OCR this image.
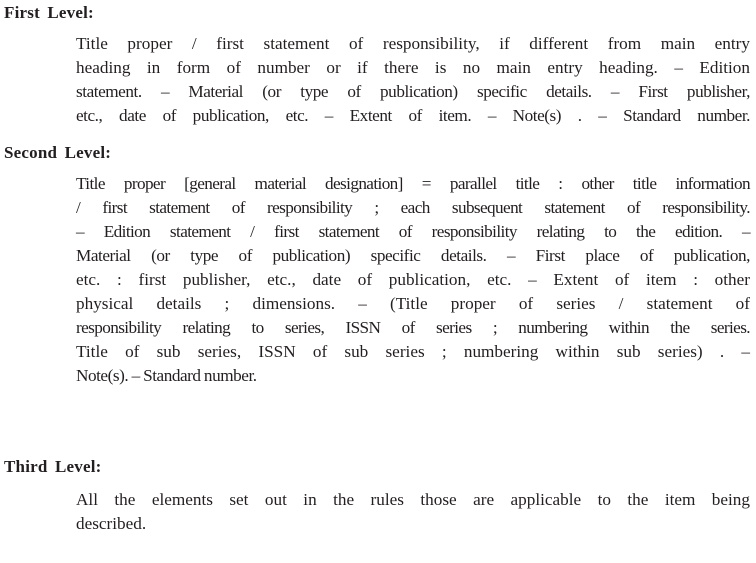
First Level:
Title proper / first statement of responsibility, if different from main entry
heading in form of number or if there is no main entry heading. – Edition
statement. – Material (or type of publication) specific details. – First publisher,
etc., date of publication, etc. – Extent of item. – Note(s) . – Standard number.
Second Level:
Title proper [general material designation] = parallel title : other title information
/ first statement of responsibility ; each subsequent statement of responsibility.
– Edition statement / first statement of responsibility relating to the edition. –
Material (or type of publication) specific details. – First place of publication,
etc. : first publisher, etc., date of publication, etc. – Extent of item : other
physical details ; dimensions. – (Title proper of series / statement of
responsibility relating to series, ISSN of series ; numbering within the series.
Title of sub series, ISSN of sub series ; numbering within sub series) . –
Note(s). – Standard number.
Third Level:
All the elements set out in the rules those are applicable to the item being
described.
